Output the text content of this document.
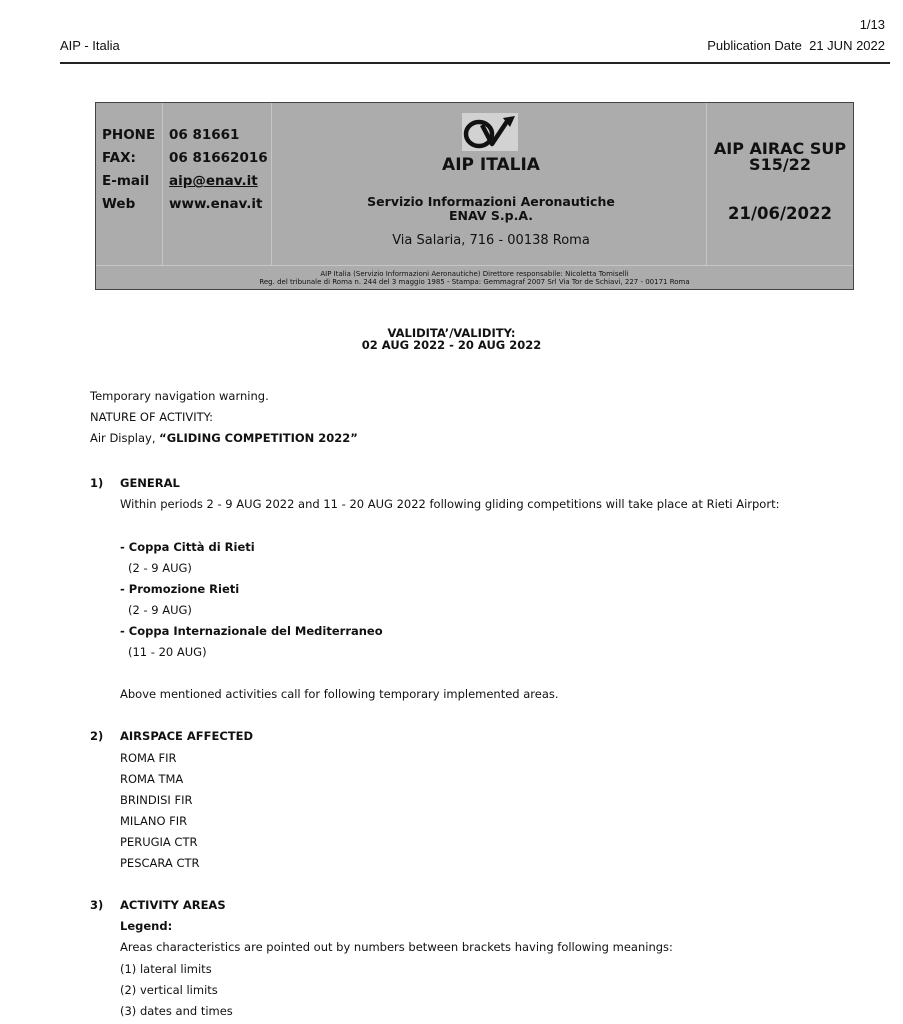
1/13
AIP - Italia	Publication Date 21 JUN 2022
PHONE 06 81661
FAX: 06 81662016
E-mail aip@enav.it
Web	www.enav.it
AIP ITALIA
Servizio Informazioni Aeronautiche
ENAV S.p.A.
Via Salaria, 716 - 00138 Roma
AIP AIRAC SUP
S15/22
21/06/2022
AIP Italia (Servizio Informazioni Aeronautiche) Direttore responsabile: Nicoletta Tomiselli
Reg. del tribunale di Roma n. 244 del 3 maggio 1985 - Stampa: Gemmagraf 2007 Srl Via Tor de Schiavi, 227 - 00171 Roma
VALIDITA’/VALIDITY:
02 AUG 2022 - 20 AUG 2022
Temporary navigation warning.
NATURE OF ACTIVITY:
Air Display, “GLIDING COMPETITION 2022”
1) GENERAL
Within periods 2 - 9 AUG 2022 and 11 - 20 AUG 2022 following gliding competitions will take place at Rieti Airport:
- Coppa Città di Rieti
(2 - 9 AUG)
- Promozione Rieti
(2 - 9 AUG)
- Coppa Internazionale del Mediterraneo
(11 - 20 AUG)
Above mentioned activities call for following temporary implemented areas.
2) AIRSPACE AFFECTED
ROMA FIR
ROMA TMA
BRINDISI FIR
MILANO FIR
PERUGIA CTR
PESCARA CTR
3) ACTIVITY AREAS
Legend:
Areas characteristics are pointed out by numbers between brackets having following meanings:
(1) lateral limits
(2) vertical limits
(3) dates and times
